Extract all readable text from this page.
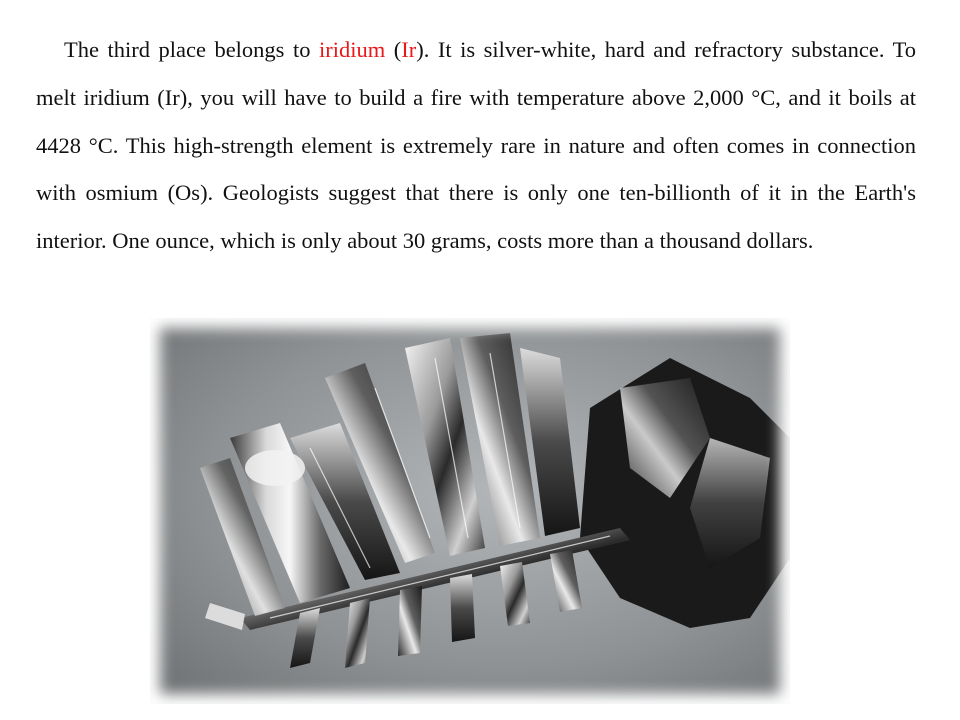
The third place belongs to iridium (Ir). It is silver-white, hard and refractory substance. To melt iridium (Ir), you will have to build a fire with temperature above 2,000 °C, and it boils at 4428 °C. This high-strength element is extremely rare in nature and often comes in connection with osmium (Os). Geologists suggest that there is only one ten-billionth of it in the Earth's interior. One ounce, which is only about 30 grams, costs more than a thousand dollars.
